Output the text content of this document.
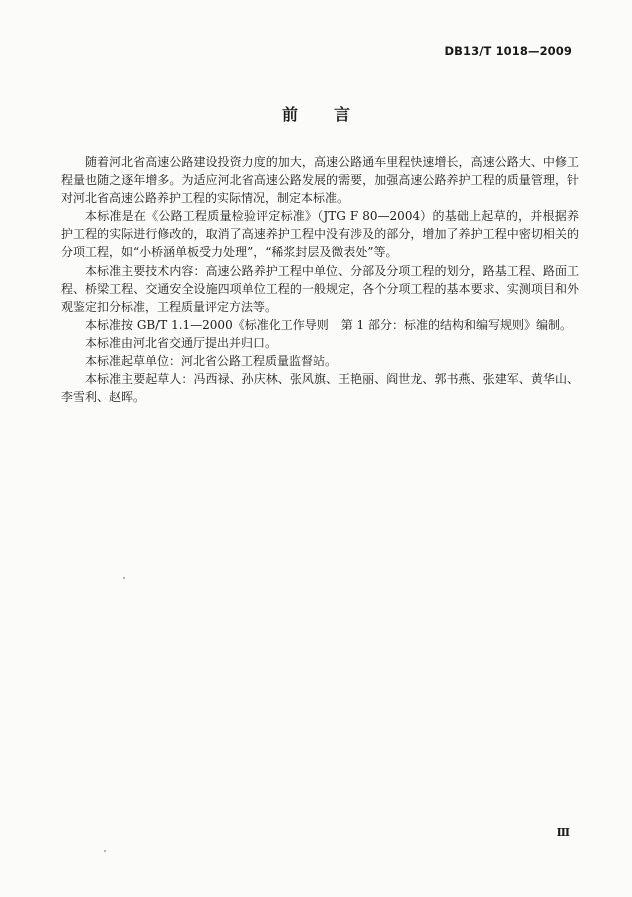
DB13/T 1018—2009
前言

随着河北省高速公路建设投资力度的加大，高速公路通车里程快速增长，高速公路大、中修工程量也随之逐年增多。为适应河北省高速公路发展的需要，加强高速公路养护工程的质量管理，针对河北省高速公路养护工程的实际情况，制定本标准。

本标准是在《公路工程质量检验评定标准》（JTG F 80—2004）的基础上起草的，并根据养护工程的实际进行修改的，取消了高速养护工程中没有涉及的部分，增加了养护工程中密切相关的分项工程，如“小桥涵单板受力处理”，“稀浆封层及微表处”等。

本标准主要技术内容：高速公路养护工程中单位、分部及分项工程的划分，路基工程、路面工程、桥梁工程、交通安全设施四项单位工程的一般规定，各个分项工程的基本要求、实测项目和外观鉴定扣分标准，工程质量评定方法等。

本标准按 GB/T 1.1—2000《标准化工作导则　第 1 部分：标准的结构和编写规则》编制。

本标准由河北省交通厅提出并归口。

本标准起草单位：河北省公路工程质量监督站。

本标准主要起草人：冯西禄、孙庆林、张风旗、王艳丽、阎世龙、郭书燕、张建军、黄华山、李雪利、赵晖。

Ⅲ
